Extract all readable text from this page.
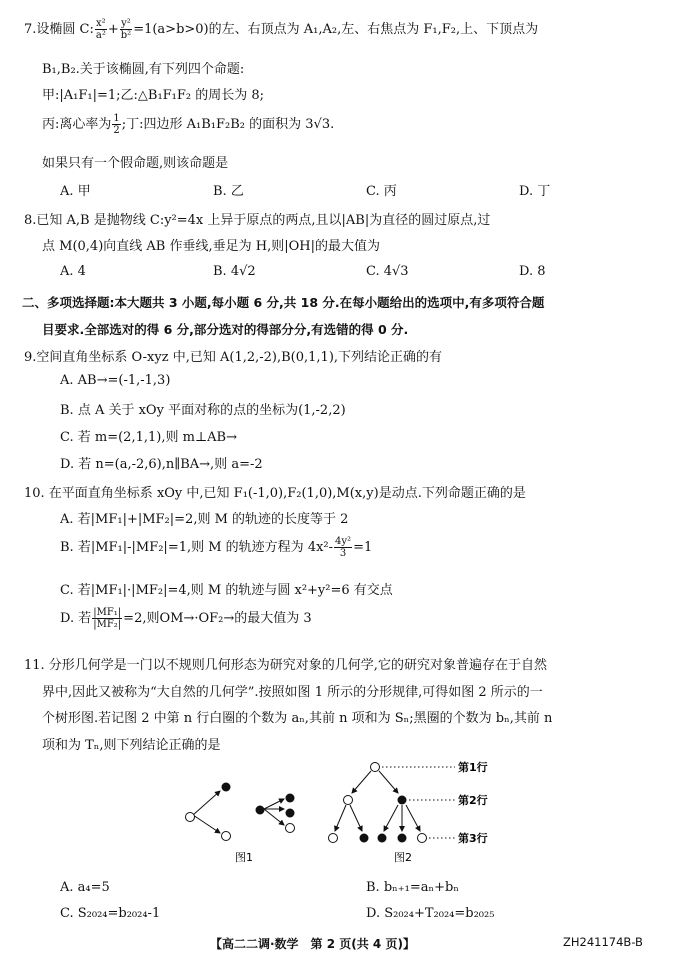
7.设椭圆 C: $\frac{\text{x²}}{\text{a²}} + \frac{\text{y²}}{\text{b²}} =1(a>b>0)$的左、右顶点为 A₁,A₂,左、右焦点为 F₁,F₂,上、下顶点为
B₁,B₂.关于该椭圆,有下列四个命题:
甲:|A₁F₁|=1;乙:△B₁F₁F₂ 的周长为 8;
丙:离心率为 $\frac{1}{2}$ ;丁:四边形 A₁B₁F₂B₂ 的面积为 3√3.
如果只有一个假命题,则该命题是
A. 甲	B. 乙	C. 丙	D. 丁
8.已知 A,B 是抛物线 C:y²=4x 上异于原点的两点,且以|AB|为直径的圆过原点,过
点 M(0,4)向直线 AB 作垂线,垂足为 H,则|OH|的最大值为
A. 4	B. 4√2	C. 4√3	D. 8
二、多项选择题:本大题共 3 小题,每小题 6 分,共 18 分.在每小题给出的选项中,有多项符合题
目要求.全部选对的得 6 分,部分选对的得部分分,有选错的得 0 分.
9.空间直角坐标系 O-xyz 中,已知 A(1,2,-2),B(0,1,1),下列结论正确的有
A. AB→=(-1,-1,3)
B. 点 A 关于 xOy 平面对称的点的坐标为(1,-2,2)
C. 若 m=(2,1,1),则 m⊥AB→
D. 若 n=(a,-2,6),n∥BA→,则 a=-2
10. 在平面直角坐标系 xOy 中,已知 F₁(-1,0),F₂(1,0),M(x,y)是动点.下列命题正确的是
A. 若|MF₁|+|MF₂|=2,则 M 的轨迹的长度等于 2
B. 若|MF₁|-|MF₂|=1,则 M 的轨迹方程为 $4x^2- \frac{\text{4y²}}{3} =1$
C. 若|MF₁|·|MF₂|=4,则 M 的轨迹与圆 x²+y²=6 有交点
D. 若 $\frac{\text{|MF₁|}}{\text{|MF₂|}} =2$,则OM→·OF₂→的最大值为 3
11. 分形几何学是一门以不规则几何形态为研究对象的几何学,它的研究对象普遍存在于自然
界中,因此又被称为“大自然的几何学”.按照如图 1 所示的分形规律,可得如图 2 所示的一
个树形图.若记图 2 中第 n 行白圈的个数为 aₙ,其前 n 项和为 Sₙ;黑圈的个数为 bₙ,其前 n
项和为 Tₙ,则下列结论正确的是
图1
第1行
第2行
第3行
图2
A. a₄=5	B. bₙ₊₁=aₙ+bₙ
C. S₂₀₂₄=b₂₀₂₄-1	D. S₂₀₂₄+T₂₀₂₄=b₂₀₂₅
【高二二调·数学　第 2 页(共 4 页)】	ZH241174B-B
